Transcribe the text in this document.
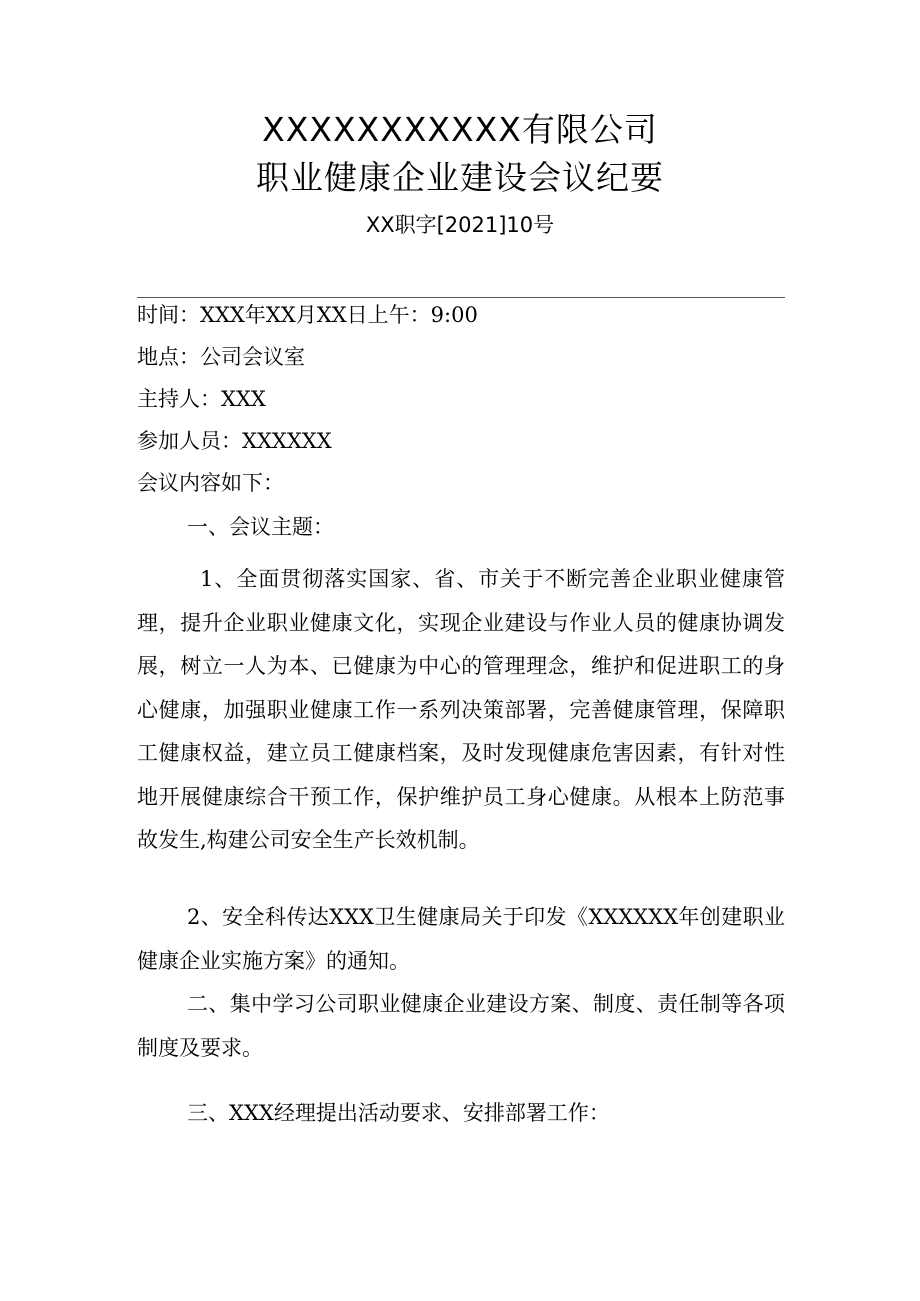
XXXXXXXXXXX有限公司
职业健康企业建设会议纪要
XX职字[2021]10号
时间：XXX年XX月XX日上午：9:00
地点：公司会议室
主持人：XXX
参加人员：XXXXXX
会议内容如下：
一、会议主题：
1、全面贯彻落实国家、省、市关于不断完善企业职业健康管理，提升企业职业健康文化，实现企业建设与作业人员的健康协调发展，树立一人为本、已健康为中心的管理理念，维护和促进职工的身心健康，加强职业健康工作一系列决策部署，完善健康管理，保障职工健康权益，建立员工健康档案，及时发现健康危害因素，有针对性地开展健康综合干预工作，保护维护员工身心健康。从根本上防范事故发生,构建公司安全生产长效机制。
2、安全科传达XXX卫生健康局关于印发《XXXXXX年创建职业健康企业实施方案》的通知。
二、集中学习公司职业健康企业建设方案、制度、责任制等各项制度及要求。
三、XXX经理提出活动要求、安排部署工作：
